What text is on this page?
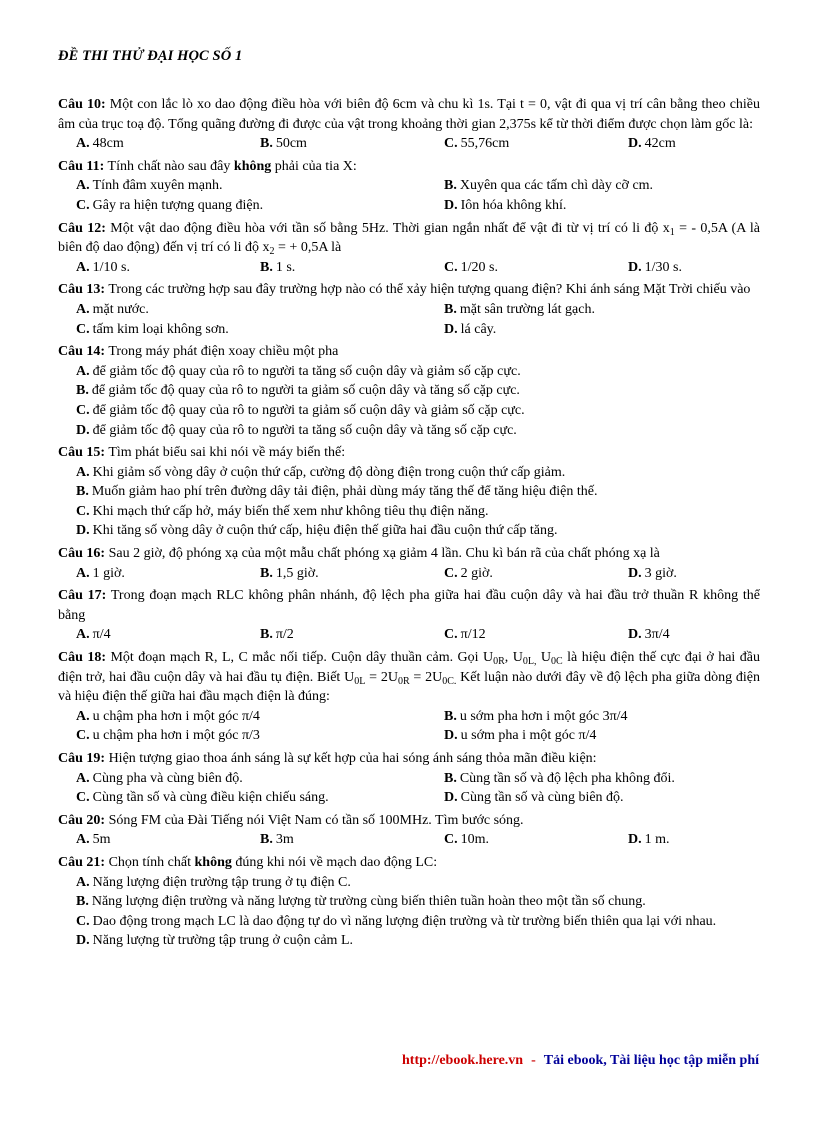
ĐỀ THI THỬ ĐẠI HỌC SỐ 1
Câu 10: Một con lắc lò xo dao động điều hòa với biên độ 6cm và chu kì 1s. Tại t = 0, vật đi qua vị trí cân bằng theo chiều âm của trục toạ độ. Tổng quãng đường đi được của vật trong khoảng thời gian 2,375s kể từ thời điểm được chọn làm gốc là:
A. 48cm	B. 50cm	C. 55,76cm	D. 42cm
Câu 11: Tính chất nào sau đây không phải của tia X:
A. Tính đâm xuyên mạnh.	B. Xuyên qua các tấm chì dày cỡ cm.
C. Gây ra hiện tượng quang điện.	D. Iôn hóa không khí.
Câu 12: Một vật dao động điều hòa với tần số bằng 5Hz. Thời gian ngắn nhất để vật đi từ vị trí có li độ $x_1$ = - 0,5A (A là biên độ dao động) đến vị trí có li độ $x_2$ = + 0,5A là
A. 1/10 s.	B. 1 s.	C. 1/20 s.	D. 1/30 s.
Câu 13: Trong các trường hợp sau đây trường hợp nào có thể xảy hiện tượng quang điện? Khi ánh sáng Mặt Trời chiếu vào
A. mặt nước.	B. mặt sân trường lát gạch.
C. tấm kim loại không sơn.	D. lá cây.
Câu 14: Trong máy phát điện xoay chiều một pha
A. để giảm tốc độ quay của rô to người ta tăng số cuộn dây và giảm số cặp cực.
B. để giảm tốc độ quay của rô to người ta giảm số cuộn dây và tăng số cặp cực.
C. để giảm tốc độ quay của rô to người ta giảm số cuộn dây và giảm số cặp cực.
D. để giảm tốc độ quay của rô to người ta tăng số cuộn dây và tăng số cặp cực.
Câu 15: Tìm phát biểu sai khi nói về máy biến thế:
A. Khi giảm số vòng dây ở cuộn thứ cấp, cường độ dòng điện trong cuộn thứ cấp giảm.
B. Muốn giảm hao phí trên đường dây tải điện, phải dùng máy tăng thế để tăng hiệu điện thế.
C. Khi mạch thứ cấp hở, máy biến thế xem như không tiêu thụ điện năng.
D. Khi tăng số vòng dây ở cuộn thứ cấp, hiệu điện thế giữa hai đầu cuộn thứ cấp tăng.
Câu 16: Sau 2 giờ, độ phóng xạ của một mẫu chất phóng xạ giảm 4 lần. Chu kì bán rã của chất phóng xạ là
A. 1 giờ.	B. 1,5 giờ.	C. 2 giờ.	D. 3 giờ.
Câu 17: Trong đoạn mạch RLC không phân nhánh, độ lệch pha giữa hai đầu cuộn dây và hai đầu trở thuần R không thể bằng
A. π/4	B. π/2	C. π/12	D. 3π/4
Câu 18: Một đoạn mạch R, L, C mắc nối tiếp. Cuộn dây thuần cảm. Gọi $U_{0R}$, $U_{0L,}$ $U_{0C}$ là hiệu điện thế cực đại ở hai đầu điện trở, hai đầu cuộn dây và hai đầu tụ điện. Biết $U_{0L} = 2U_{0R} = 2U_{0C.}$ Kết luận nào dưới đây về độ lệch pha giữa dòng điện và hiệu điện thế giữa hai đầu mạch điện là đúng:
A. u chậm pha hơn i một góc π/4	B. u sớm pha hơn i một góc 3π/4
C. u chậm pha hơn i một góc π/3	D. u sớm pha i một góc π/4
Câu 19: Hiện tượng giao thoa ánh sáng là sự kết hợp của hai sóng ánh sáng thỏa mãn điều kiện:
A. Cùng pha và cùng biên độ.	B. Cùng tần số và độ lệch pha không đổi.
C. Cùng tần số và cùng điều kiện chiếu sáng.	D. Cùng tần số và cùng biên độ.
Câu 20: Sóng FM của Đài Tiếng nói Việt Nam có tần số 100MHz. Tìm bước sóng.
A. 5m	B. 3m	C. 10m.	D. 1 m.
Câu 21: Chọn tính chất không đúng khi nói về mạch dao động LC:
A. Năng lượng điện trường tập trung ở tụ điện C.
B. Năng lượng điện trường và năng lượng từ trường cùng biến thiên tuần hoàn theo một tần số chung.
C. Dao động trong mạch LC là dao động tự do vì năng lượng điện trường và từ trường biến thiên qua lại với nhau.
D. Năng lượng từ trường tập trung ở cuộn cảm L.
http://ebook.here.vn - Tải ebook, Tài liệu học tập miễn phí
